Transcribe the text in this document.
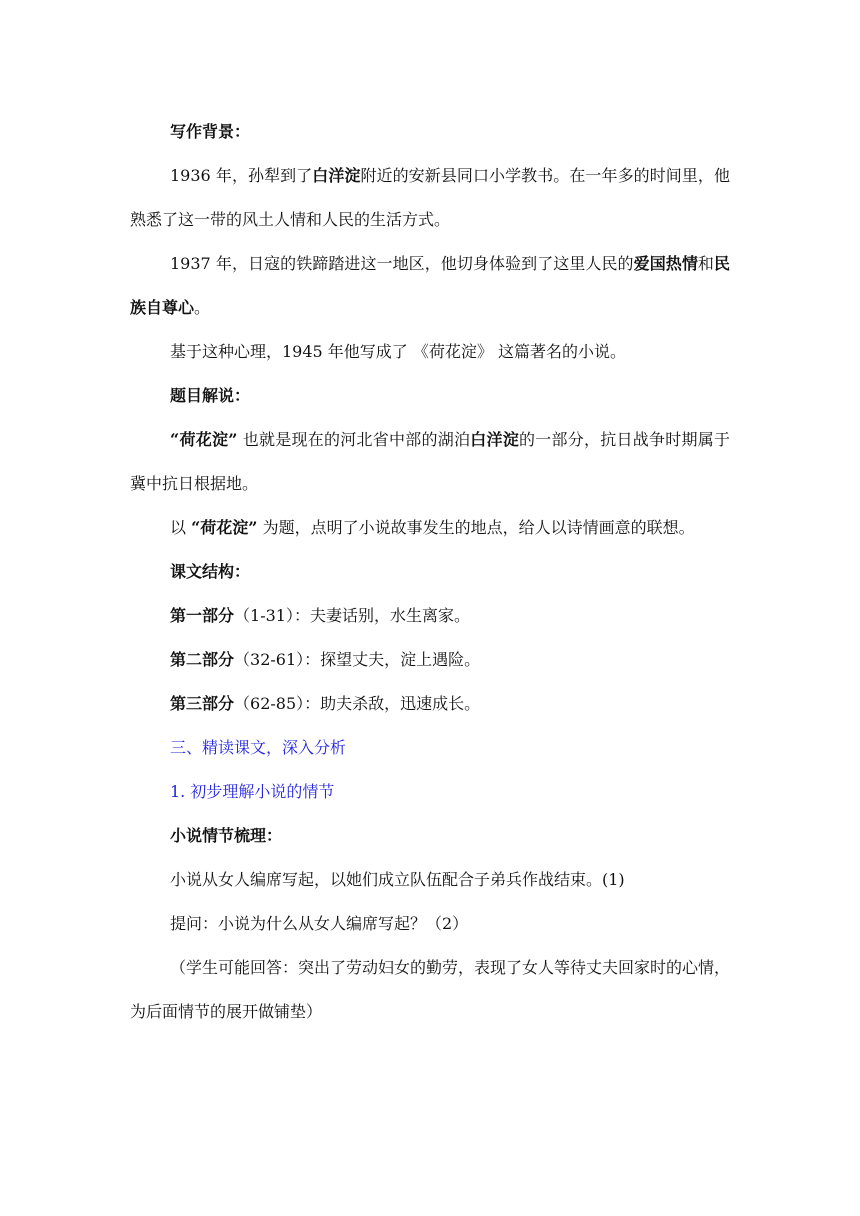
写作背景：

1936 年，孙犁到了白洋淀附近的安新县同口小学教书。在一年多的时间里，他熟悉了这一带的风土人情和人民的生活方式。

1937 年，日寇的铁蹄踏进这一地区，他切身体验到了这里人民的爱国热情和民族自尊心。

基于这种心理，1945 年他写成了 《荷花淀》 这篇著名的小说。

题目解说：

“荷花淀” 也就是现在的河北省中部的湖泊白洋淀的一部分，抗日战争时期属于冀中抗日根据地。

以 “荷花淀” 为题，点明了小说故事发生的地点，给人以诗情画意的联想。

课文结构：

第一部分（1-31）：夫妻话别，水生离家。

第二部分（32-61）：探望丈夫，淀上遇险。

第三部分（62-85）：助夫杀敌，迅速成长。

三、精读课文，深入分析

1. 初步理解小说的情节

小说情节梳理：

小说从女人编席写起，以她们成立队伍配合子弟兵作战结束。(1)

提问：小说为什么从女人编席写起？（2）

（学生可能回答：突出了劳动妇女的勤劳，表现了女人等待丈夫回家时的心情，为后面情节的展开做铺垫）
